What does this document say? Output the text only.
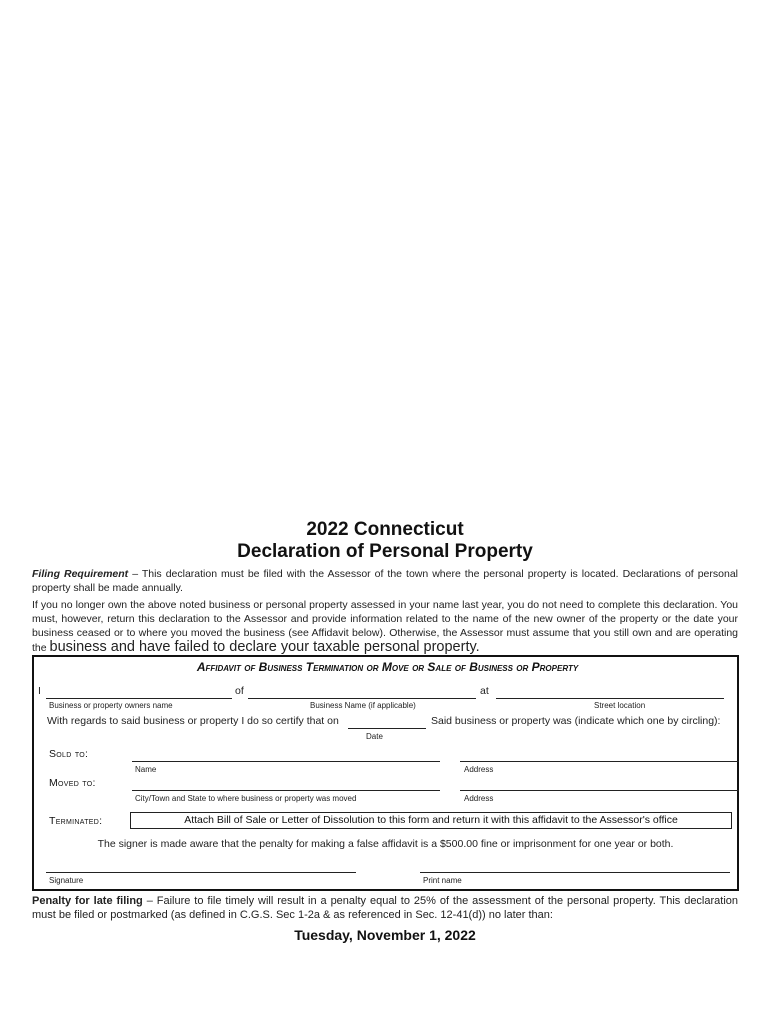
2022 Connecticut
Declaration of Personal Property
Filing Requirement – This declaration must be filed with the Assessor of the town where the personal property is located. Declarations of personal property shall be made annually.
If you no longer own the above noted business or personal property assessed in your name last year, you do not need to complete this declaration. You must, however, return this declaration to the Assessor and provide information related to the name of the new owner of the property or the date your business ceased or to where you moved the business (see Affidavit below). Otherwise, the Assessor must assume that you still own and are operating the business and have failed to declare your taxable personal property.
Affidavit of Business Termination or Move or Sale of Business or Property
I	of	at
Business or property owners name	Business Name (if applicable)	Street location
With regards to said business or property I do so certify that on	Said business or property was (indicate which one by circling):
Date
Sold to:
Name	Address
Moved to:
City/Town and State to where business or property was moved	Address
Terminated:	Attach Bill of Sale or Letter of Dissolution to this form and return it with this affidavit to the Assessor's office
The signer is made aware that the penalty for making a false affidavit is a $500.00 fine or imprisonment for one year or both.
Signature	Print name
Penalty for late filing – Failure to file timely will result in a penalty equal to 25% of the assessment of the personal property. This declaration must be filed or postmarked (as defined in C.G.S. Sec 1-2a & as referenced in Sec. 12-41(d)) no later than:
Tuesday, November 1, 2022
